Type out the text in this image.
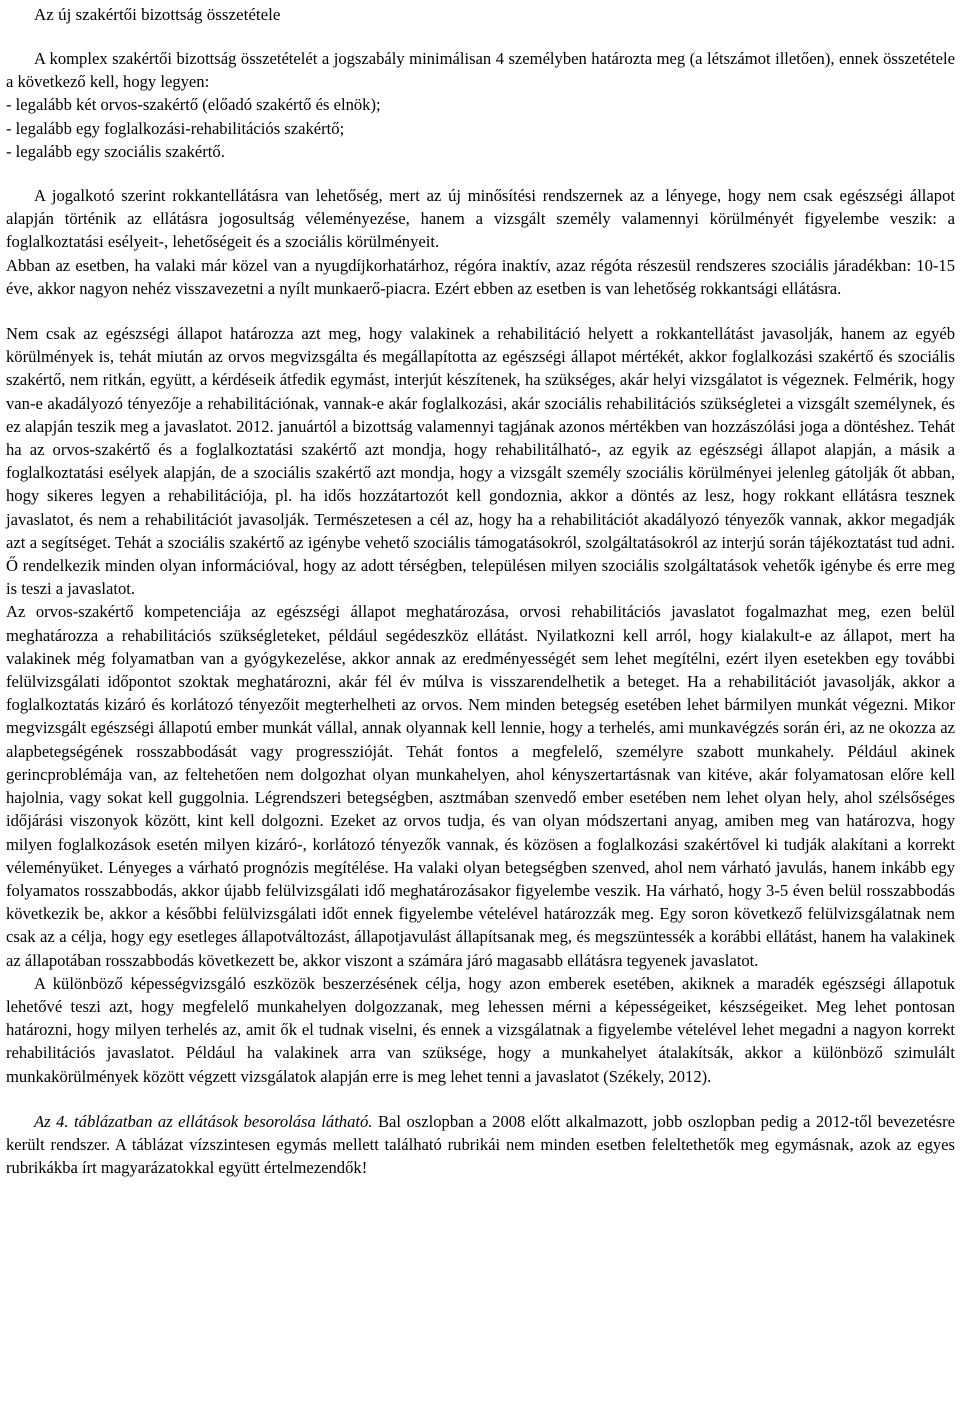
Az új szakértői bizottság összetétele
A komplex szakértői bizottság összetételét a jogszabály minimálisan 4 személyben határozta meg (a létszámot illetően), ennek összetétele a következő kell, hogy legyen:
- legalább két orvos-szakértő (előadó szakértő és elnök);
- legalább egy foglalkozási-rehabilitációs szakértő;
- legalább egy szociális szakértő.

A jogalkotó szerint rokkantellátásra van lehetőség, mert az új minősítési rendszernek az a lényege, hogy nem csak egészségi állapot alapján történik az ellátásra jogosultság véleményezése, hanem a vizsgált személy valamennyi körülményét figyelembe veszik: a foglalkoztatási esélyeit-, lehetőségeit és a szociális körülményeit.

Abban az esetben, ha valaki már közel van a nyugdíjkorhatárhoz, régóra inaktív, azaz régóta részesül rendszeres szociális járadékban: 10-15 éve, akkor nagyon nehéz visszavezetni a nyílt munkaerő-piacra. Ezért ebben az esetben is van lehetőség rokkantsági ellátásra.

Nem csak az egészségi állapot határozza azt meg, hogy valakinek a rehabilitáció helyett a rokkantellátást javasolják, hanem az egyéb körülmények is, tehát miután az orvos megvizsgálta és megállapította az egészségi állapot mértékét, akkor foglalkozási szakértő és szociális szakértő, nem ritkán, együtt, a kérdéseik átfedik egymást, interjút készítenek, ha szükséges, akár helyi vizsgálatot is végeznek. Felmérik, hogy van-e akadályozó tényezője a rehabilitációnak, vannak-e akár foglalkozási, akár szociális rehabilitációs szükségletei a vizsgált személynek, és ez alapján teszik meg a javaslatot. 2012. januártól a bizottság valamennyi tagjának azonos mértékben van hozzászólási joga a döntéshez. Tehát ha az orvos-szakértő és a foglalkoztatási szakértő azt mondja, hogy rehabilitálható-, az egyik az egészségi állapot alapján, a másik a foglalkoztatási esélyek alapján, de a szociális szakértő azt mondja, hogy a vizsgált személy szociális körülményei jelenleg gátolják őt abban, hogy sikeres legyen a rehabilitációja, pl. ha idős hozzátartozót kell gondoznia, akkor a döntés az lesz, hogy rokkant ellátásra tesznek javaslatot, és nem a rehabilitációt javasolják. Természetesen a cél az, hogy ha a rehabilitációt akadályozó tényezők vannak, akkor megadják azt a segítséget. Tehát a szociális szakértő az igénybe vehető szociális támogatásokról, szolgáltatásokról az interjú során tájékoztatást tud adni. Ő rendelkezik minden olyan információval, hogy az adott térségben, településen milyen szociális szolgáltatások vehetők igénybe és erre meg is teszi a javaslatot.

Az orvos-szakértő kompetenciája az egészségi állapot meghatározása, orvosi rehabilitációs javaslatot fogalmazhat meg, ezen belül meghatározza a rehabilitációs szükségleteket, például segédeszköz ellátást. Nyilatkozni kell arról, hogy kialakult-e az állapot, mert ha valakinek még folyamatban van a gyógykezelése, akkor annak az eredményességét sem lehet megítélni, ezért ilyen esetekben egy további felülvizsgálati időpontot szoktak meghatározni, akár fél év múlva is visszarendelhetik a beteget. Ha a rehabilitációt javasolják, akkor a foglalkoztatás kizáró és korlátozó tényezőit megterhelheti az orvos. Nem minden betegség esetében lehet bármilyen munkát végezni. Mikor megvizsgált egészségi állapotú ember munkát vállal, annak olyannak kell lennie, hogy a terhelés, ami munkavégzés során éri, az ne okozza az alapbetegségének rosszabbodását vagy progresszióját. Tehát fontos a megfelelő, személyre szabott munkahely. Például akinek gerincproblémája van, az feltehetően nem dolgozhat olyan munkahelyen, ahol kényszertartásnak van kitéve, akár folyamatosan előre kell hajolnia, vagy sokat kell guggolnia. Légrendszeri betegségben, asztmában szenvedő ember esetében nem lehet olyan hely, ahol szélsőséges időjárási viszonyok között, kint kell dolgozni. Ezeket az orvos tudja, és van olyan módszertani anyag, amiben meg van határozva, hogy milyen foglalkozások esetén milyen kizáró-, korlátozó tényezők vannak, és közösen a foglalkozási szakértővel ki tudják alakítani a korrekt véleményüket. Lényeges a várható prognózis megítélése. Ha valaki olyan betegségben szenved, ahol nem várható javulás, hanem inkább egy folyamatos rosszabbodás, akkor újabb felülvizsgálati idő meghatározásakor figyelembe veszik. Ha várható, hogy 3-5 éven belül rosszabbodás következik be, akkor a későbbi felülvizsgálati időt ennek figyelembe vételével határozzák meg. Egy soron következő felülvizsgálatnak nem csak az a célja, hogy egy esetleges állapotváltozást, állapotjavulást állapítsanak meg, és megszüntessék a korábbi ellátást, hanem ha valakinek az állapotában rosszabbodás következett be, akkor viszont a számára járó magasabb ellátásra tegyenek javaslatot.

A különböző képességvizsgáló eszközök beszerzésének célja, hogy azon emberek esetében, akiknek a maradék egészségi állapotuk lehetővé teszi azt, hogy megfelelő munkahelyen dolgozzanak, meg lehessen mérni a képességeiket, készségeiket. Meg lehet pontosan határozni, hogy milyen terhelés az, amit ők el tudnak viselni, és ennek a vizsgálatnak a figyelembe vételével lehet megadni a nagyon korrekt rehabilitációs javaslatot. Például ha valakinek arra van szüksége, hogy a munkahelyet átalakítsák, akkor a különböző szimulált munkakörülmények között végzett vizsgálatok alapján erre is meg lehet tenni a javaslatot (Székely, 2012).

Az 4. táblázatban az ellátások besorolása látható. Bal oszlopban a 2008 előtt alkalmazott, jobb oszlopban pedig a 2012-től bevezetésre került rendszer. A táblázat vízszintesen egymás mellett található rubrikái nem minden esetben feleltethetők meg egymásnak, azok az egyes rubrikákba írt magyarázatokkal együtt értelmezendők!
